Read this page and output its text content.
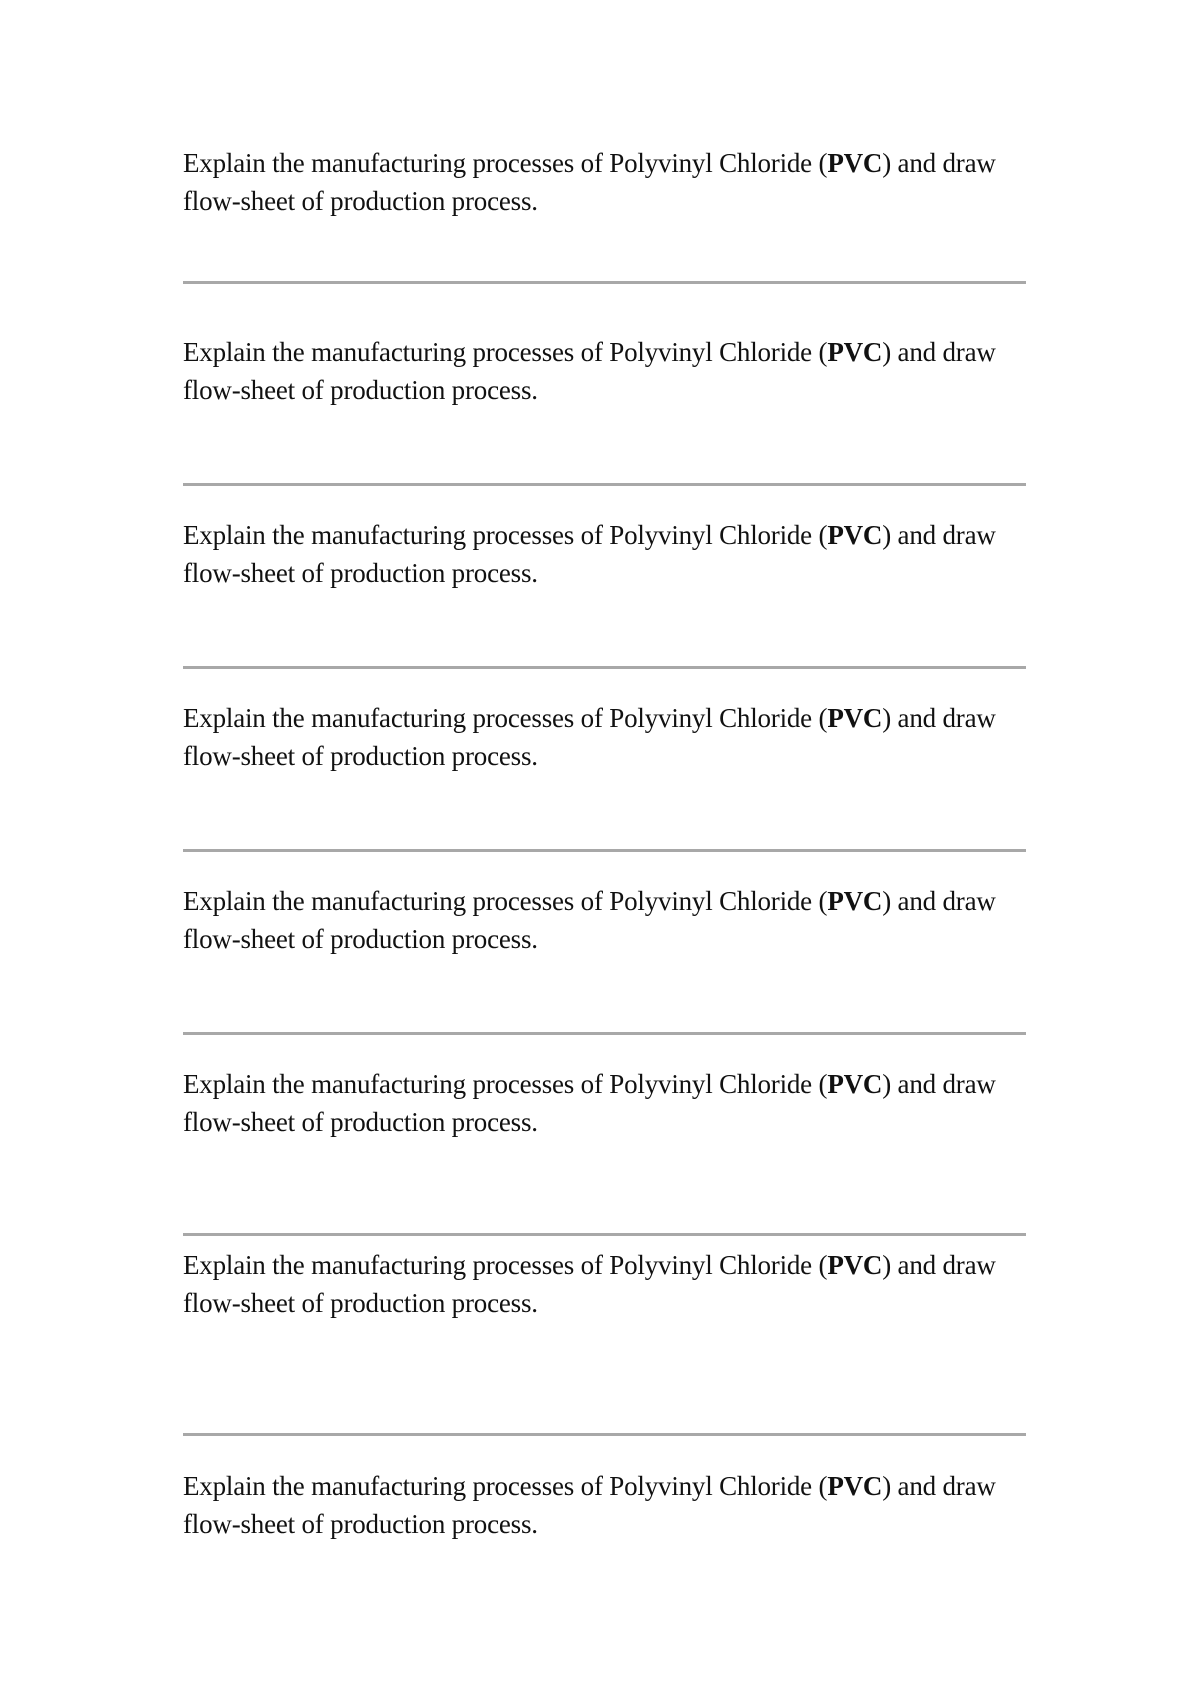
Explain the manufacturing processes of Polyvinyl Chloride (PVC) and draw flow-sheet of production process.

Explain the manufacturing processes of Polyvinyl Chloride (PVC) and draw flow-sheet of production process.

Explain the manufacturing processes of Polyvinyl Chloride (PVC) and draw flow-sheet of production process.

Explain the manufacturing processes of Polyvinyl Chloride (PVC) and draw flow-sheet of production process.

Explain the manufacturing processes of Polyvinyl Chloride (PVC) and draw flow-sheet of production process.

Explain the manufacturing processes of Polyvinyl Chloride (PVC) and draw flow-sheet of production process.

Explain the manufacturing processes of Polyvinyl Chloride (PVC) and draw flow-sheet of production process.

Explain the manufacturing processes of Polyvinyl Chloride (PVC) and draw flow-sheet of production process.
